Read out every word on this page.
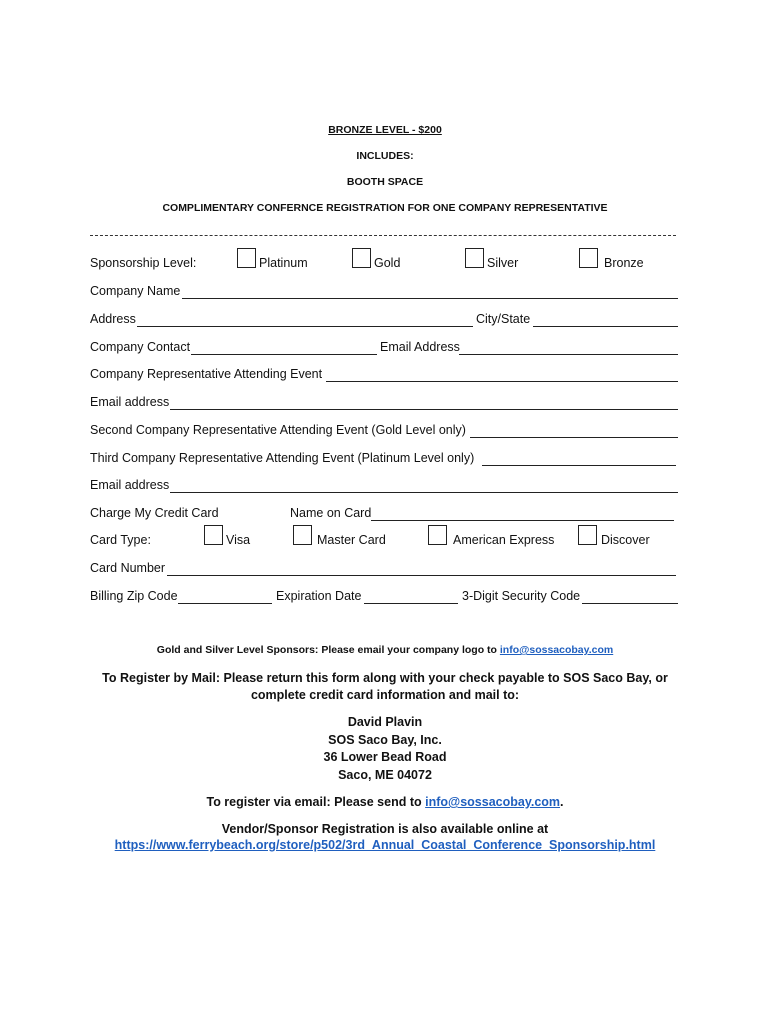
BRONZE LEVEL - $200
INCLUDES:
BOOTH SPACE
COMPLIMENTARY CONFERNCE REGISTRATION FOR ONE COMPANY REPRESENTATIVE
Sponsorship Level:	Platinum	Gold	Silver	Bronze
Company Name
Address	City/State
Company Contact	Email Address
Company Representative Attending Event
Email address
Second Company Representative Attending Event (Gold Level only)
Third Company Representative Attending Event (Platinum Level only)
Email address
Charge My Credit Card	Name on Card
Card Type:	Visa	Master Card	American Express	Discover
Card Number
Billing Zip Code	Expiration Date	3-Digit Security Code
Gold and Silver Level Sponsors: Please email your company logo to info@sossacobay.com
To Register by Mail: Please return this form along with your check payable to SOS Saco Bay, or
complete credit card information and mail to:
David Plavin
SOS Saco Bay, Inc.
36 Lower Bead Road
Saco, ME 04072
To register via email: Please send to info@sossacobay.com.
Vendor/Sponsor Registration is also available online at
https://www.ferrybeach.org/store/p502/3rd_Annual_Coastal_Conference_Sponsorship.html
